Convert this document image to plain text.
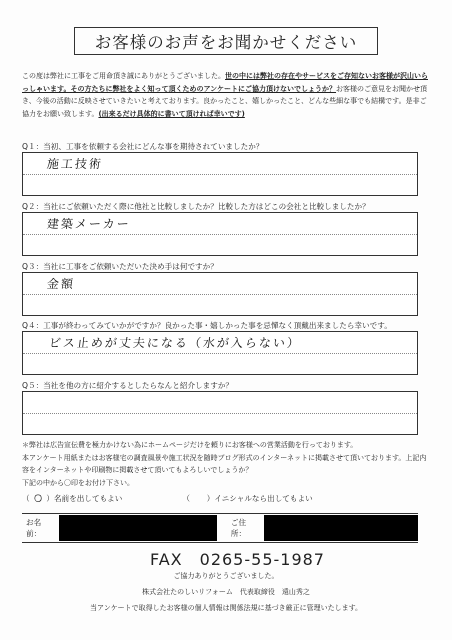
お客様のお声をお聞かせください
この度は弊社に工事をご用命頂き誠にありがとうございました。世の中には弊社の存在やサービスをご存知ないお客様が沢山いらっしゃいます。その方たちに弊社をよく知って頂くためのアンケートにご協力頂けないでしょうか？お客様のご意見をお聞かせ頂き、今後の活動に反映させていきたいと考えております。良かったこと、嬉しかったこと、どんな些細な事でも結構です。是非ご協力をお願い致します。(出来るだけ具体的に書いて頂ければ幸いです)
Q１：当初、工事を依頼する会社にどんな事を期待されていましたか？
施工技術
Q２：当社にご依頼いただく際に他社と比較しましたか？比較した方はどこの会社と比較しましたか？
建築メーカー
Q３：当社に工事をご依頼いただいた決め手は何ですか？
金額
Q４：工事が終わってみていかがですか？良かった事・嬉しかった事を忌憚なく頂戴出来ましたら幸いです。
ビス止めが丈夫になる（水が入らない）
Q５：当社を他の方に紹介するとしたらなんと紹介しますか？
＊弊社は広告宣伝費を極力かけない為にホームページだけを頼りにお客様への営業活動を行っております。
本アンケート用紙またはお客様宅の調査風景や施工状況を随時ブログ形式のインターネットに掲載させて頂いております。上記内容をインターネットや印刷物に掲載させて頂いてもよろしいでしょうか？
下記の中から〇印をお付け下さい。
（ 〇 ）名前を出してもよい	（  ）イニシャルなら出してもよい
お名前：
ご住所：
FAX　0265-55-1987
ご協力ありがとうございました。
株式会社たのしいリフォーム　代表取締役　遠山秀之
当アンケートで取得したお客様の個人情報は関係法規に基づき厳正に管理いたします。
